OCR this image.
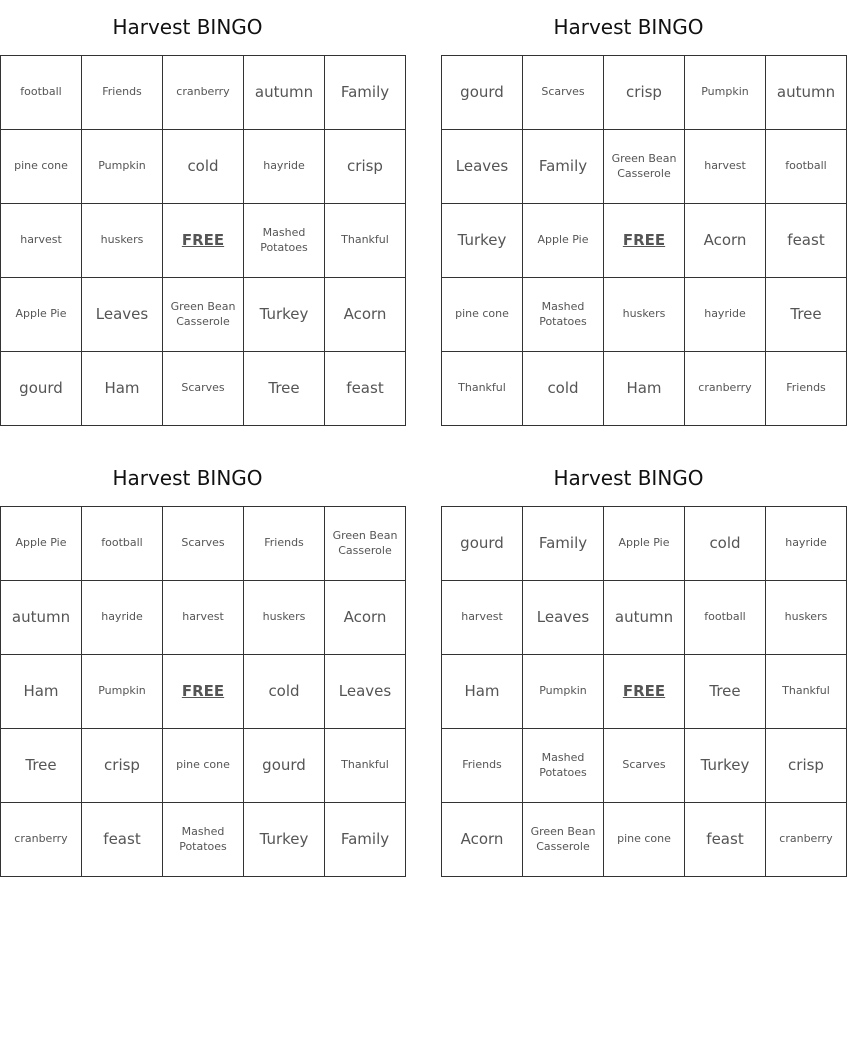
Harvest BINGO
football	Friends	cranberry	autumn	Family
pine cone	Pumpkin	cold	hayride	crisp
harvest	huskers	FREE	Mashed Potatoes	Thankful
Apple Pie	Leaves	Green Bean Casserole	Turkey	Acorn
gourd	Ham	Scarves	Tree	feast
Harvest BINGO
gourd	Scarves	crisp	Pumpkin	autumn
Leaves	Family	Green Bean Casserole	harvest	football
Turkey	Apple Pie	FREE	Acorn	feast
pine cone	Mashed Potatoes	huskers	hayride	Tree
Thankful	cold	Ham	cranberry	Friends
Harvest BINGO
Apple Pie	football	Scarves	Friends	Green Bean Casserole
autumn	hayride	harvest	huskers	Acorn
Ham	Pumpkin	FREE	cold	Leaves
Tree	crisp	pine cone	gourd	Thankful
cranberry	feast	Mashed Potatoes	Turkey	Family
Harvest BINGO
gourd	Family	Apple Pie	cold	hayride
harvest	Leaves	autumn	football	huskers
Ham	Pumpkin	FREE	Tree	Thankful
Friends	Mashed Potatoes	Scarves	Turkey	crisp
Acorn	Green Bean Casserole	pine cone	feast	cranberry
